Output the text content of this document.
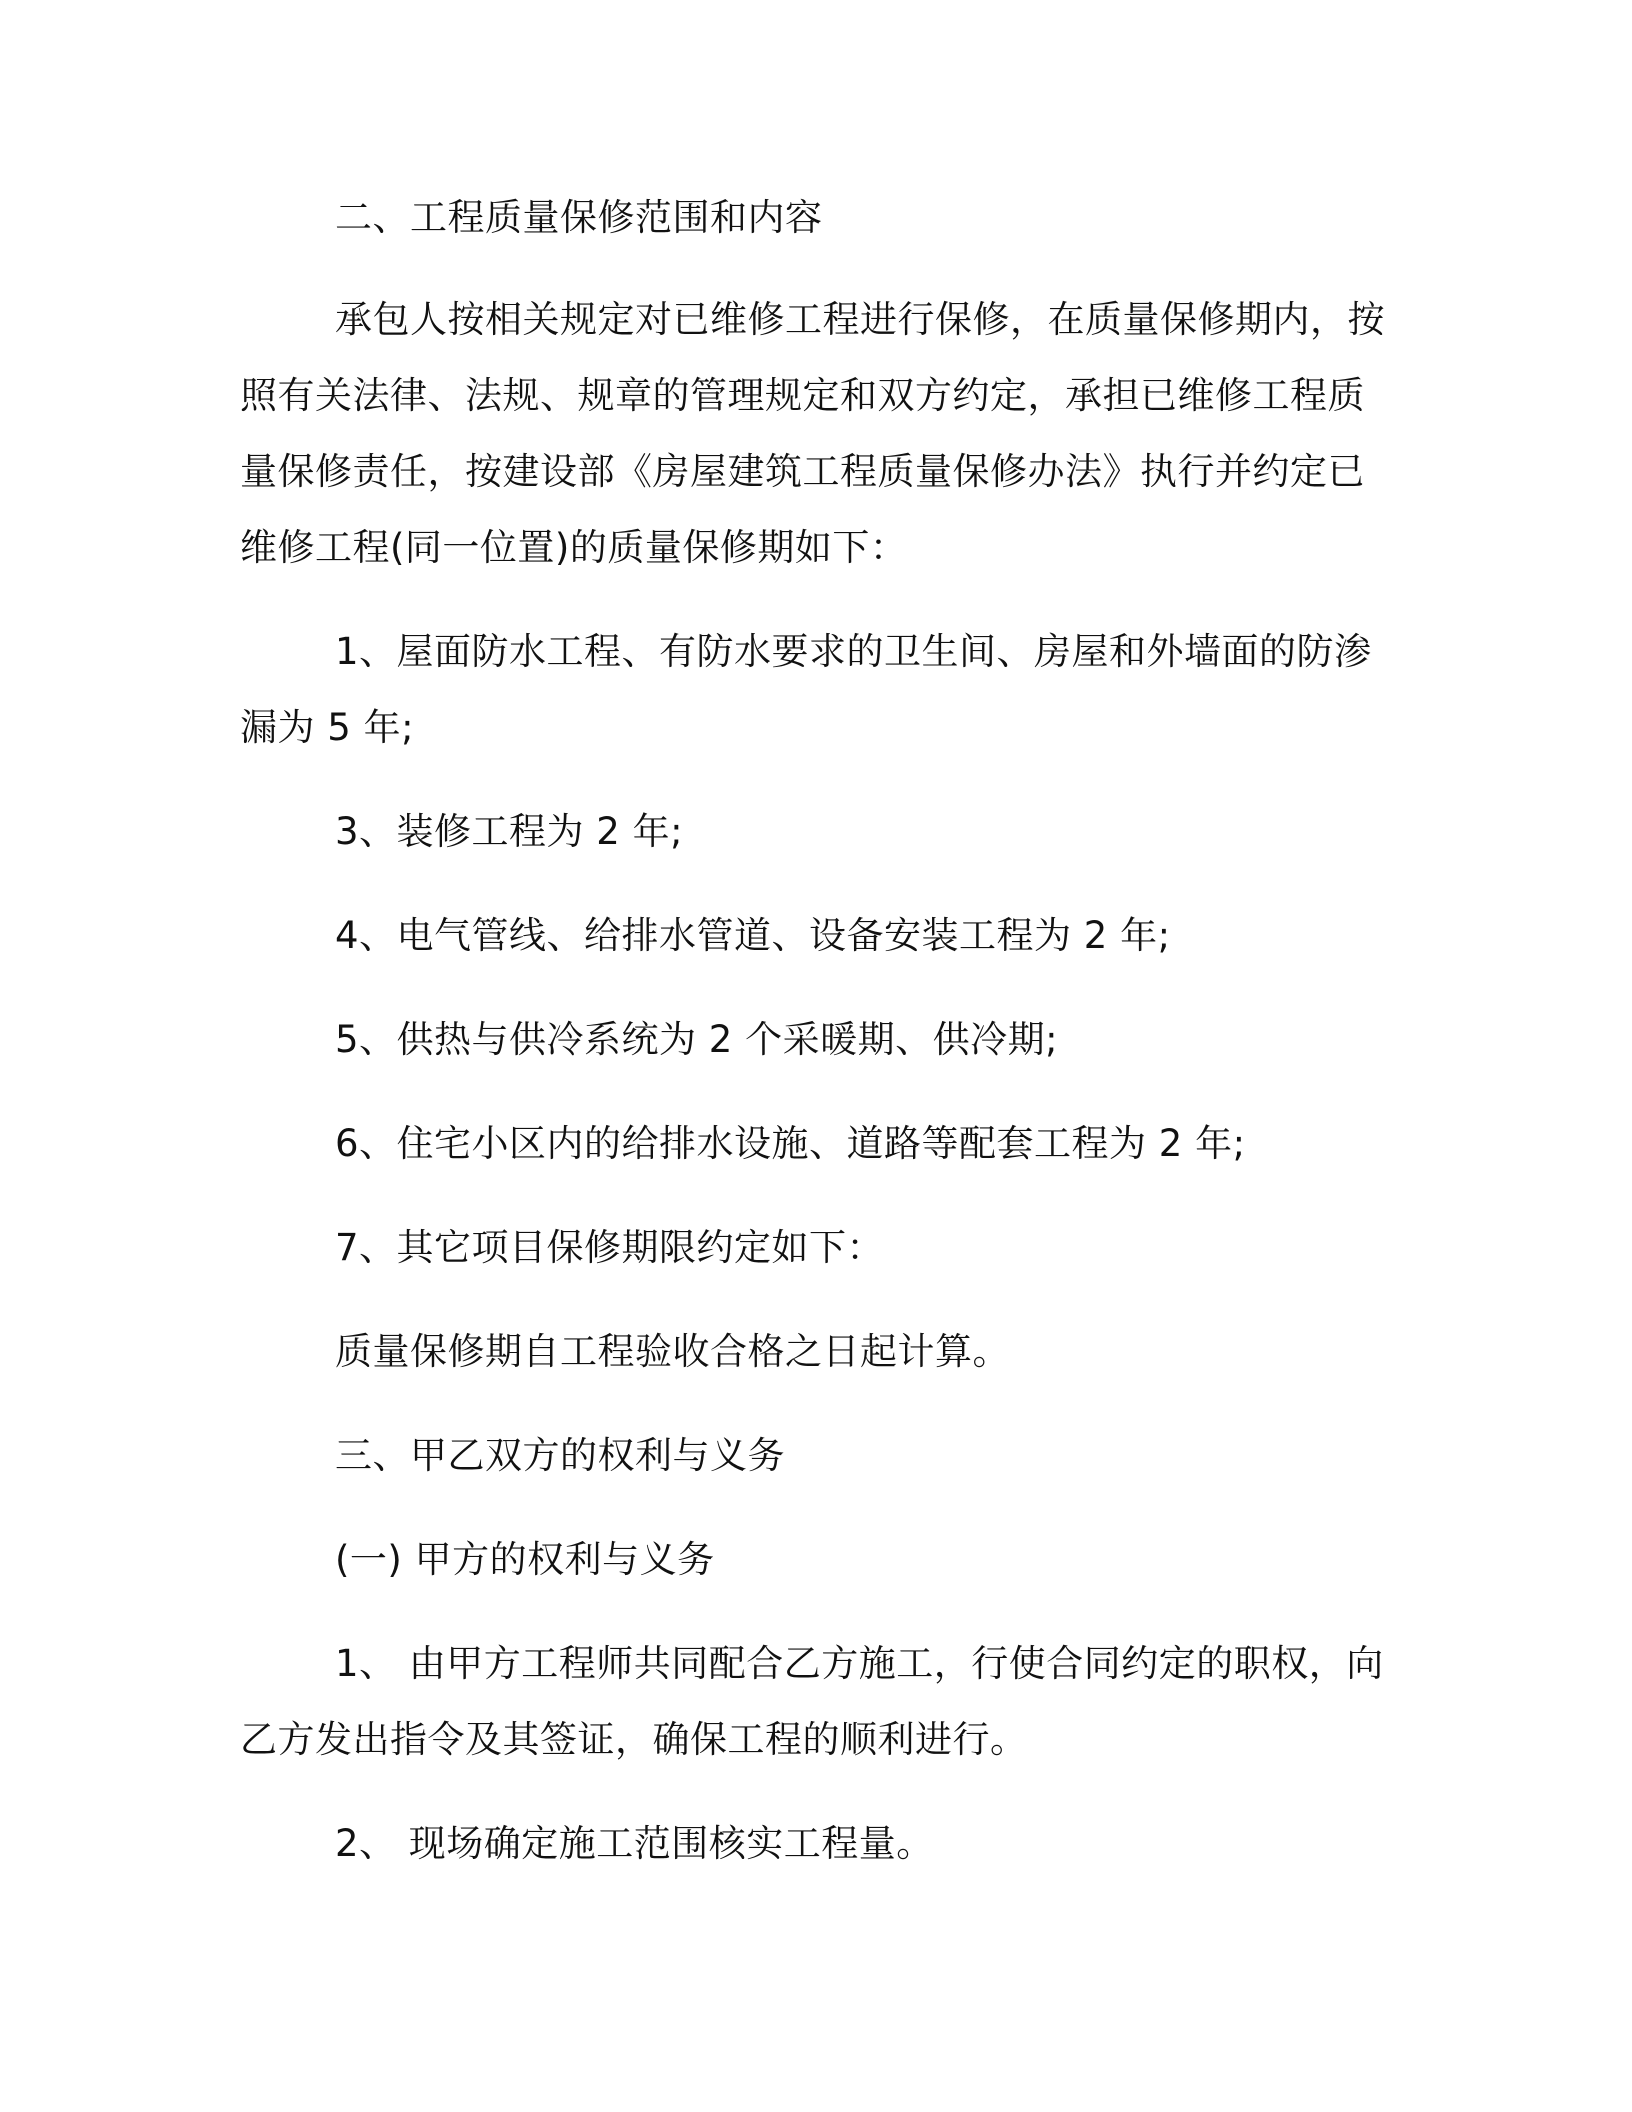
二、工程质量保修范围和内容

承包人按相关规定对已维修工程进行保修，在质量保修期内，按

照有关法律、法规、规章的管理规定和双方约定，承担已维修工程质

量保修责任，按建设部《房屋建筑工程质量保修办法》执行并约定已

维修工程(同一位置)的质量保修期如下：

1、屋面防水工程、有防水要求的卫生间、房屋和外墙面的防渗

漏为 5 年;

3、装修工程为 2 年;

4、电气管线、给排水管道、设备安装工程为 2 年;

5、供热与供冷系统为 2 个采暖期、供冷期;

6、住宅小区内的给排水设施、道路等配套工程为 2 年;

7、其它项目保修期限约定如下：

质量保修期自工程验收合格之日起计算。

三、甲乙双方的权利与义务

(一) 甲方的权利与义务

1、 由甲方工程师共同配合乙方施工，行使合同约定的职权，向

乙方发出指令及其签证，确保工程的顺利进行。

2、 现场确定施工范围核实工程量。
